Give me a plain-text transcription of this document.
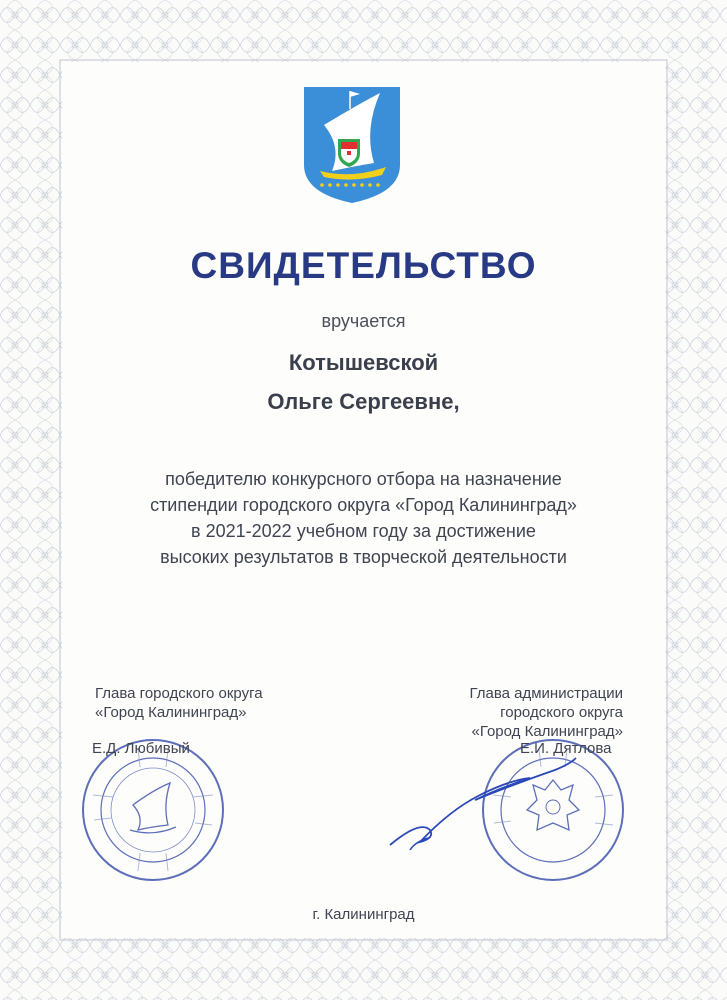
СВИДЕТЕЛЬСТВО
вручается
Котышевской
Ольге Сергеевне,
победителю конкурсного отбора на назначение
стипендии городского округа «Город Калининград»
в 2021-2022 учебном году за достижение
высоких результатов в творческой деятельности
Глава городского округа
«Город Калининград»
Глава администрации
городского округа
«Город Калининград»
Е.Д. Любивый	Е.И. Дятлова
г. Калининград
